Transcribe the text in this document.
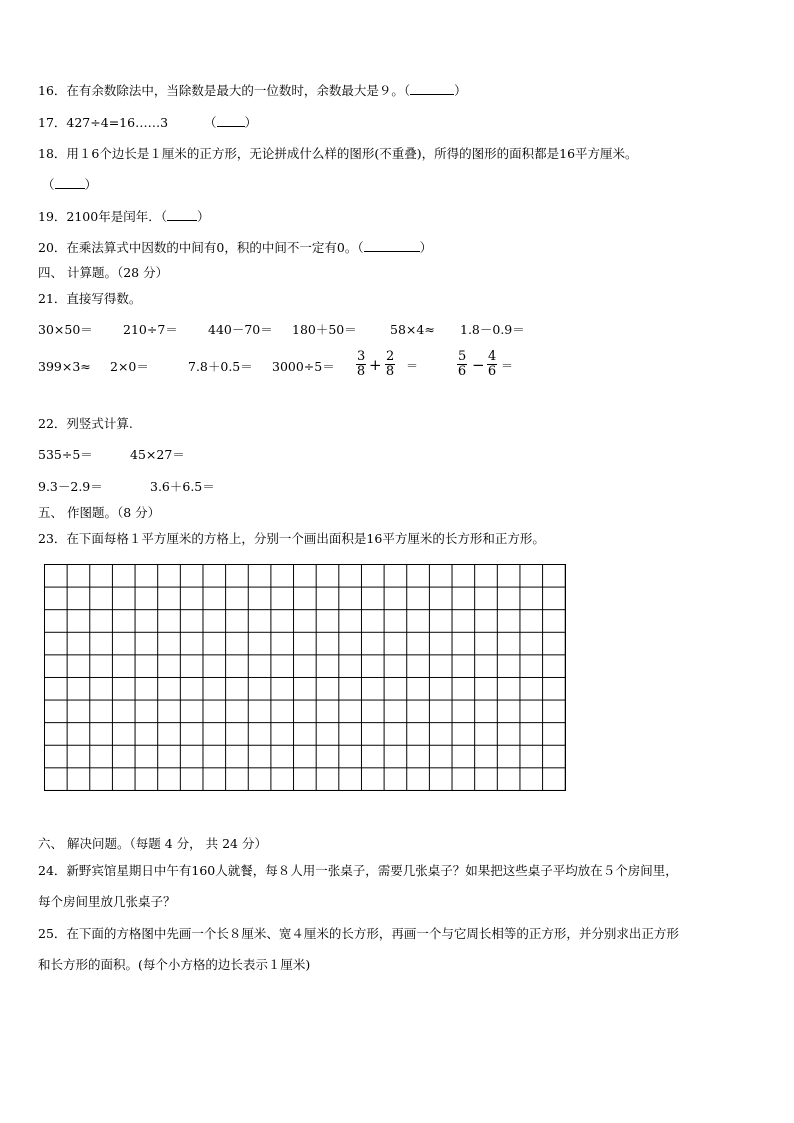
16．在有余数除法中，当除数是最大的一位数时，余数最大是９。（	）
17．427÷4=16……3	（ ）
18．用１6个边长是１厘米的正方形，无论拼成什么样的图形(不重叠)，所得的图形的面积都是16平方厘米。
（ ）
19．2100年是闰年．（ ）
20．在乘法算式中因数的中间有0，积的中间不一定有0。（	）
四、 计算题。（28 分）
21．直接写得数。
30×50＝ 210÷7＝ 440－70＝ 180＋50＝	58×4≈ 1.8－0.9＝
399×3≈ 2×0＝	$7.8+0.5= 3000\div 5= \frac{3}{8} + \frac{2}{8}$ ＝	$\frac{5}{6} - \frac{4}{6}$ ＝
22．列竖式计算.
535÷5＝	45×27＝
9.3－2.9＝	3.6＋6.5＝
五、 作图题。（8 分）
23．在下面每格１平方厘米的方格上，分别一个画出面积是16平方厘米的长方形和正方形。
六、 解决问题。（每题 4 分， 共 24 分）
24．新野宾馆星期日中午有160人就餐，每８人用一张桌子，需要几张桌子？如果把这些桌子平均放在５个房间里，
每个房间里放几张桌子？
25．在下面的方格图中先画一个长８厘米、宽４厘米的长方形，再画一个与它周长相等的正方形，并分别求出正方形
和长方形的面积。(每个小方格的边长表示１厘米)
